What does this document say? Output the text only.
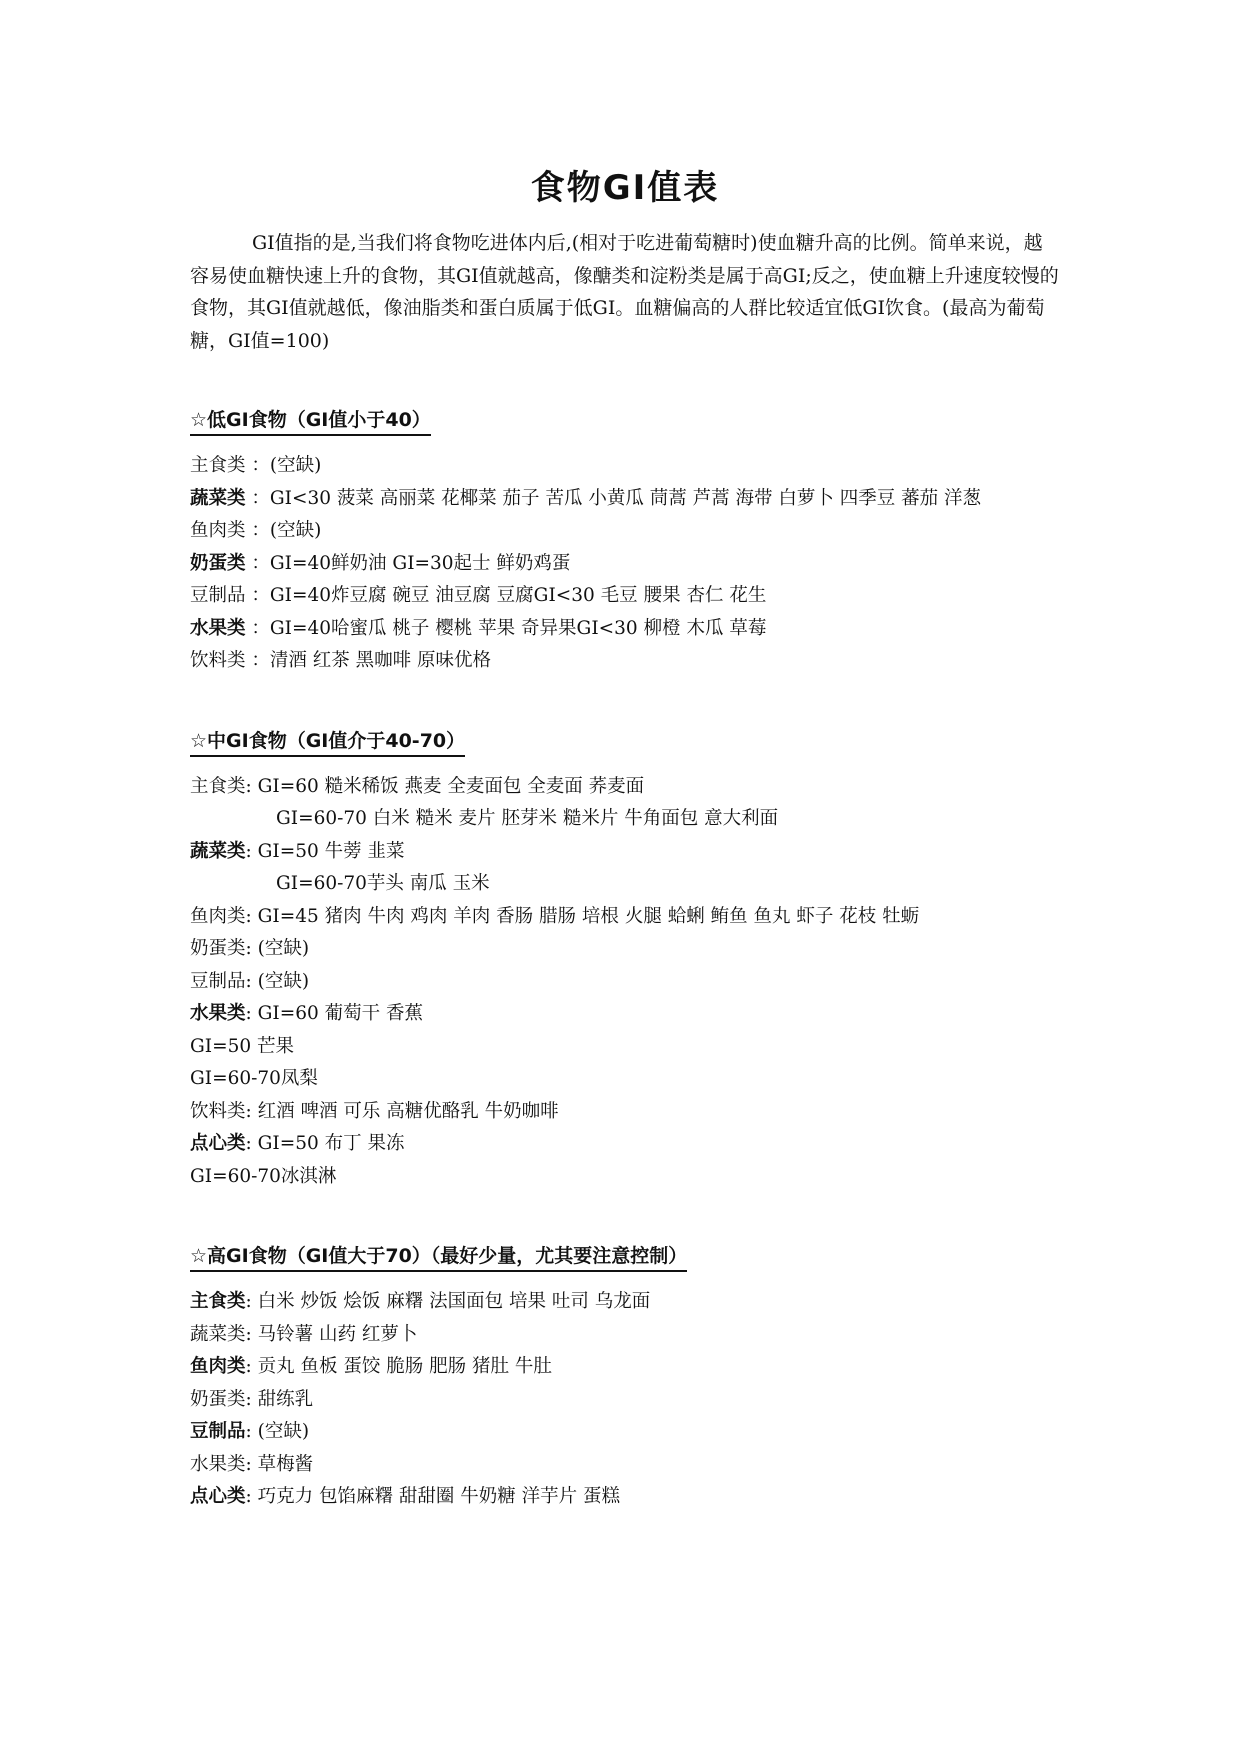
食物GI值表

GI值指的是,当我们将食物吃进体内后,(相对于吃进葡萄糖时)使血糖升高的比例。简单来说，越容易使血糖快速上升的食物，其GI值就越高，像醣类和淀粉类是属于高GI;反之，使血糖上升速度较慢的食物，其GI值就越低，像油脂类和蛋白质属于低GI。血糖偏高的人群比较适宜低GI饮食。(最高为葡萄糖，GI值=100)

☆低GI食物（GI值小于40）
主食类 ：(空缺)
蔬菜类 ：GI<30 菠菜 高丽菜 花椰菜 茄子 苦瓜 小黄瓜 茼蒿 芦蒿 海带 白萝卜 四季豆 蕃茄 洋葱
鱼肉类 ：(空缺)
奶蛋类 ：GI=40鲜奶油 GI=30起士 鲜奶鸡蛋
豆制品 ：GI=40炸豆腐 碗豆 油豆腐 豆腐GI<30 毛豆 腰果 杏仁 花生
水果类 ：GI=40哈蜜瓜 桃子 樱桃 苹果 奇异果GI<30 柳橙 木瓜 草莓
饮料类 ：清酒 红茶 黑咖啡 原味优格
☆中GI食物（GI值介于40-70）
主食类: GI=60 糙米稀饭 燕麦 全麦面包 全麦面 荞麦面
GI=60-70 白米 糙米 麦片 胚芽米 糙米片 牛角面包 意大利面
蔬菜类: GI=50 牛蒡 韭菜
GI=60-70芋头 南瓜 玉米
鱼肉类: GI=45 猪肉 牛肉 鸡肉 羊肉 香肠 腊肠 培根 火腿 蛤蜊 鲔鱼 鱼丸 虾子 花枝 牡蛎
奶蛋类: (空缺)
豆制品: (空缺)
水果类: GI=60 葡萄干 香蕉
GI=50 芒果
GI=60-70凤梨
饮料类: 红酒 啤酒 可乐 高糖优酪乳 牛奶咖啡
点心类: GI=50 布丁 果冻
GI=60-70冰淇淋
☆高GI食物（GI值大于70）（最好少量，尤其要注意控制）
主食类: 白米 炒饭 烩饭 麻糬 法国面包 培果 吐司 乌龙面
蔬菜类: 马铃薯 山药 红萝卜
鱼肉类: 贡丸 鱼板 蛋饺 脆肠 肥肠 猪肚 牛肚
奶蛋类: 甜练乳
豆制品: (空缺)
水果类: 草梅酱
点心类: 巧克力 包馅麻糬 甜甜圈 牛奶糖 洋芋片 蛋糕
